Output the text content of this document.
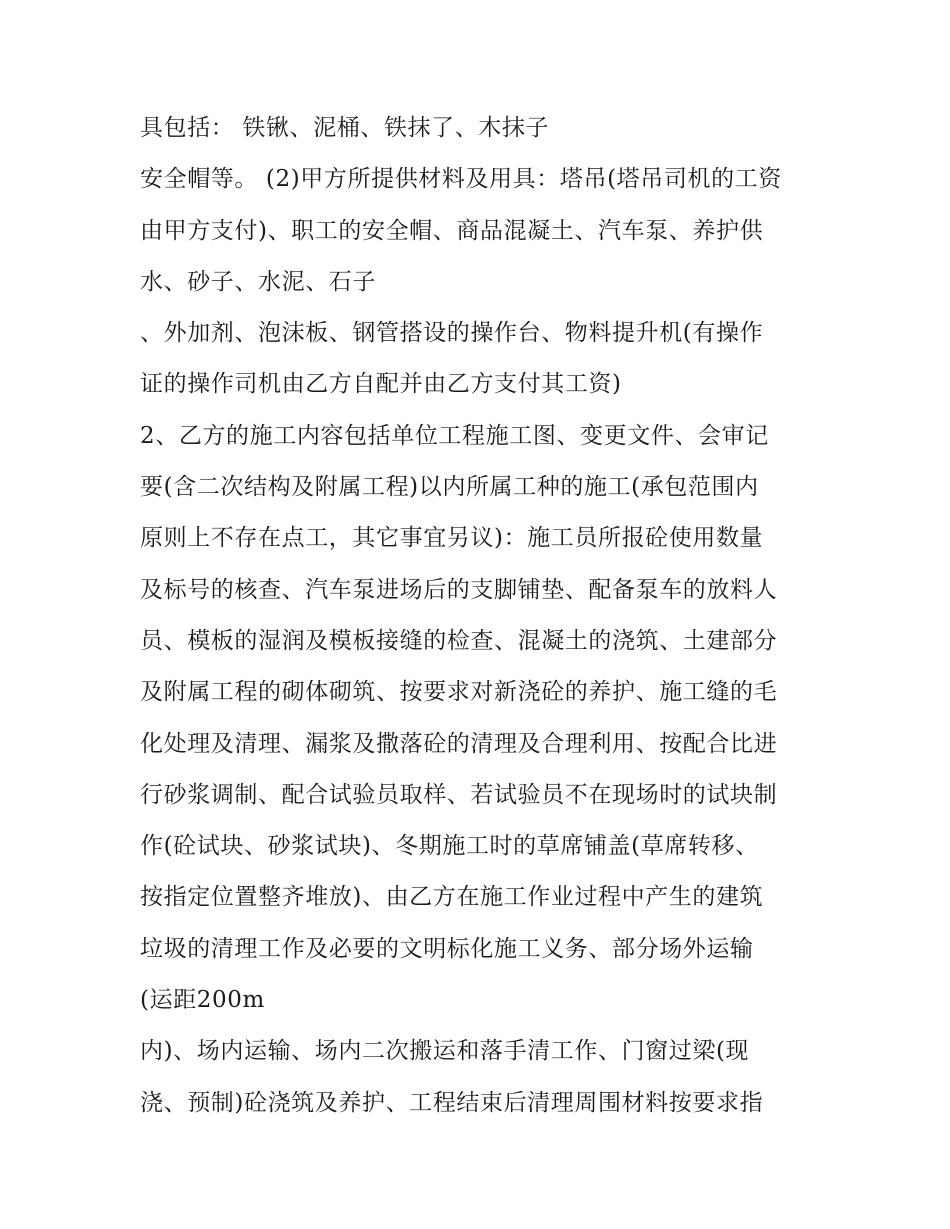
具包括： 铁锹、泥桶、铁抹了、木抹子
安全帽等。 (2)甲方所提供材料及用具：塔吊(塔吊司机的工资
由甲方支付)、职工的安全帽、商品混凝土、汽车泵、养护供
水、砂子、水泥、石子
、外加剂、泡沫板、钢管搭设的操作台、物料提升机(有操作
证的操作司机由乙方自配并由乙方支付其工资)
2、乙方的施工内容包括单位工程施工图、变更文件、会审记
要(含二次结构及附属工程)以内所属工种的施工(承包范围内
原则上不存在点工，其它事宜另议)：施工员所报砼使用数量
及标号的核查、汽车泵进场后的支脚铺垫、配备泵车的放料人
员、模板的湿润及模板接缝的检查、混凝土的浇筑、土建部分
及附属工程的砌体砌筑、按要求对新浇砼的养护、施工缝的毛
化处理及清理、漏浆及撒落砼的清理及合理利用、按配合比进
行砂浆调制、配合试验员取样、若试验员不在现场时的试块制
作(砼试块、砂浆试块)、冬期施工时的草席铺盖(草席转移、
按指定位置整齐堆放)、由乙方在施工作业过程中产生的建筑
垃圾的清理工作及必要的文明标化施工义务、部分场外运输
(运距200m
内)、场内运输、场内二次搬运和落手清工作、门窗过梁(现
浇、预制)砼浇筑及养护、工程结束后清理周围材料按要求指
